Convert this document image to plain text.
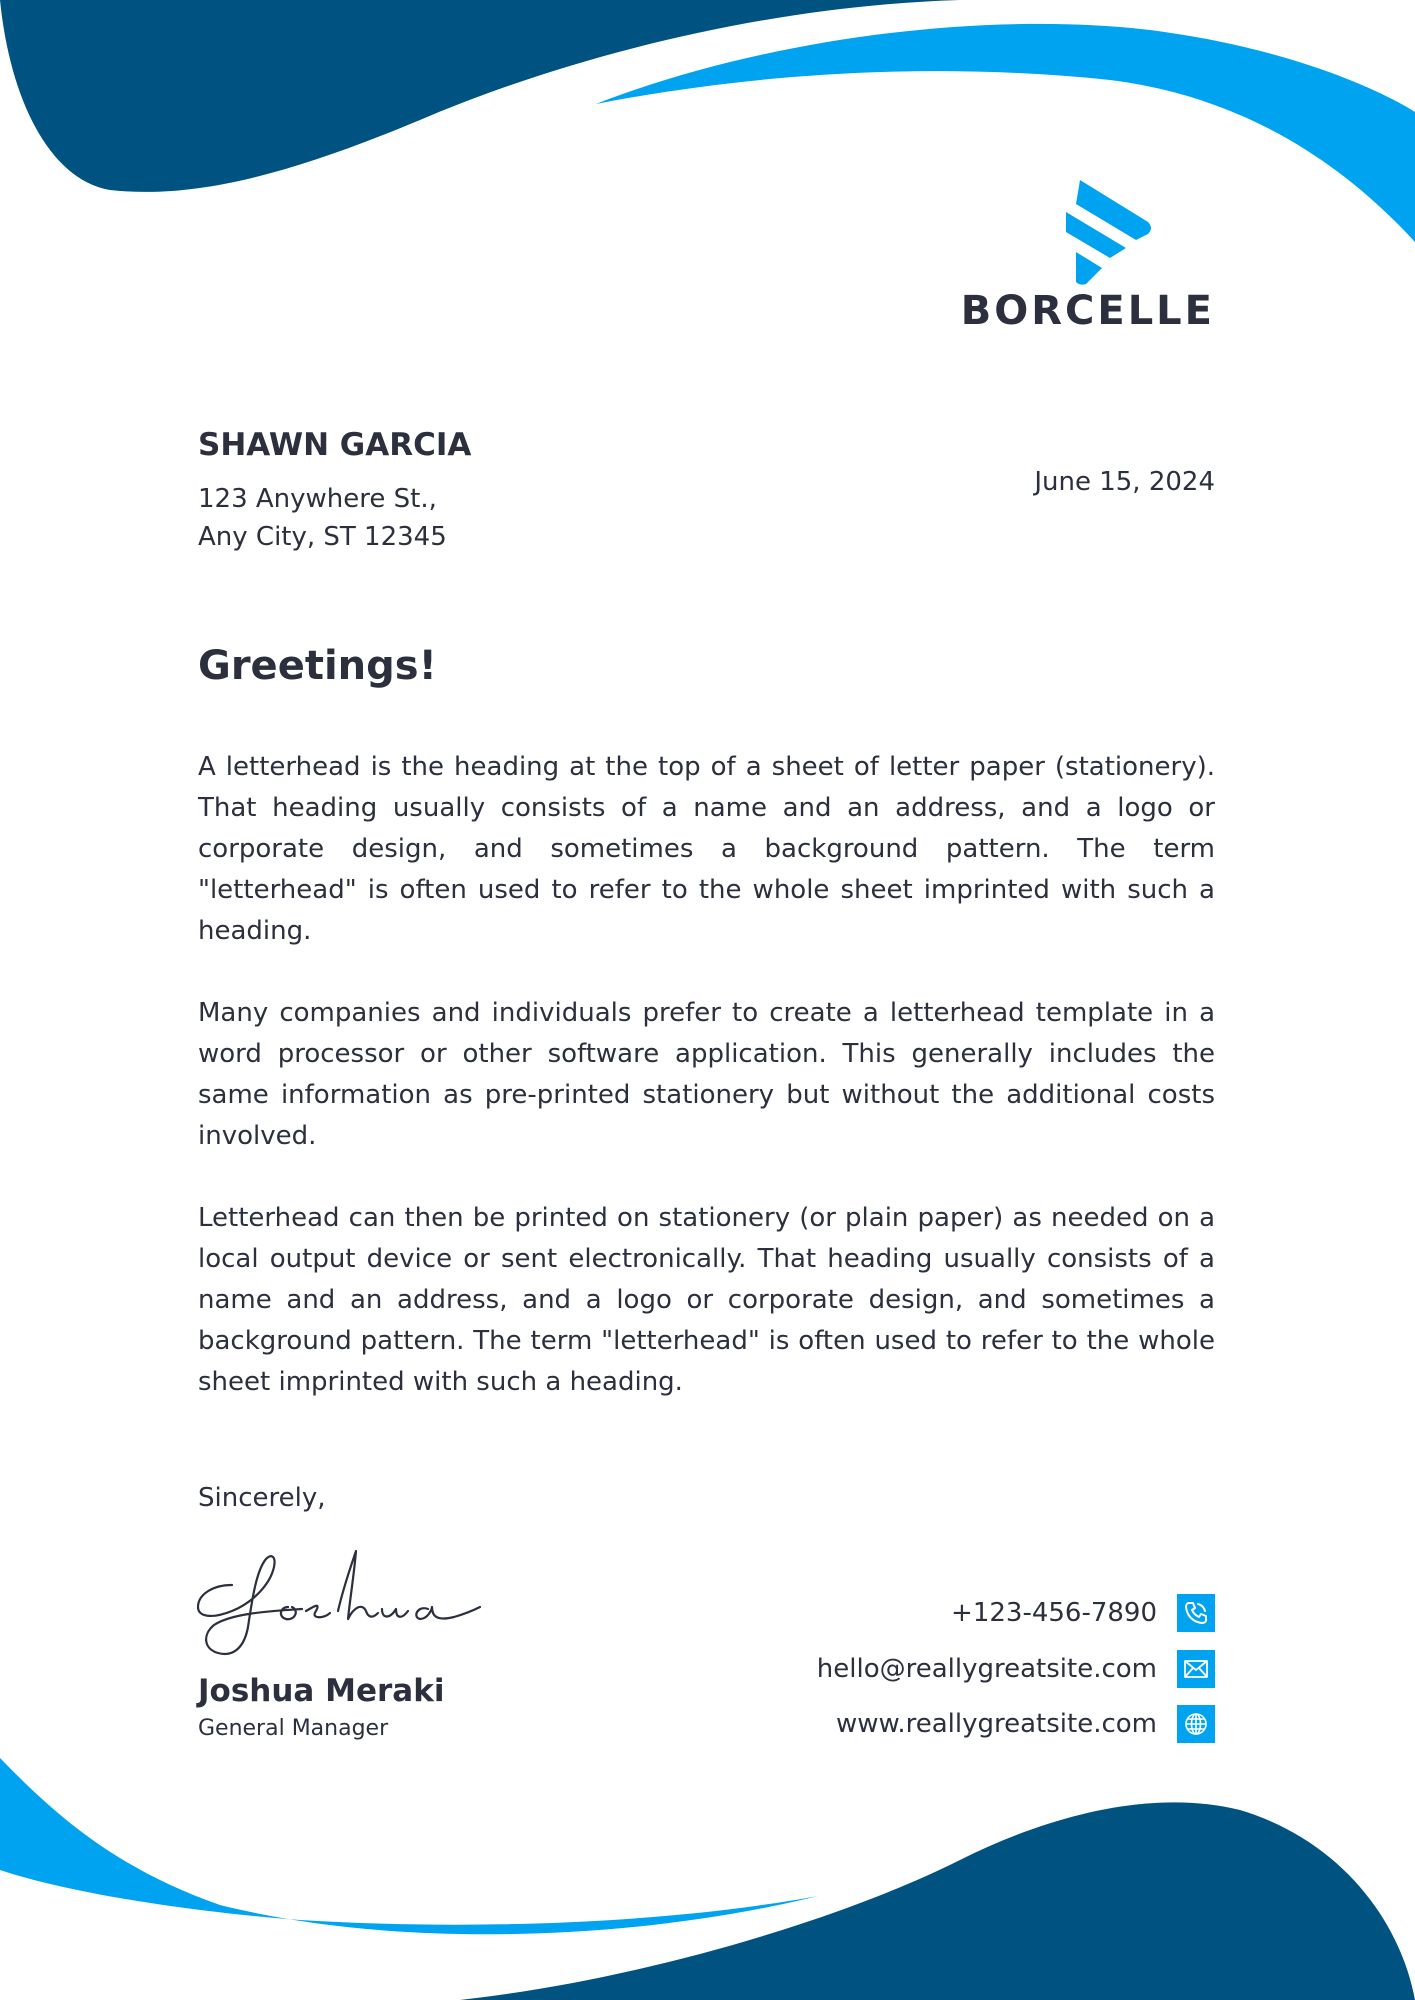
BORCELLE
SHAWN GARCIA
123 Anywhere St.,
Any City, ST 12345
June 15, 2024
Greetings!

A letterhead is the heading at the top of a sheet of letter paper (stationery). That heading usually consists of a name and an address, and a logo or corporate design, and sometimes a background pattern. The term "letterhead" is often used to refer to the whole sheet imprinted with such a heading.

Many companies and individuals prefer to create a letterhead template in a word processor or other software application. This generally includes the same information as pre-printed stationery but without the additional costs involved.

Letterhead can then be printed on stationery (or plain paper) as needed on a local output device or sent electronically. That heading usually consists of a name and an address, and a logo or corporate design, and sometimes a background pattern. The term "letterhead" is often used to refer to the whole sheet imprinted with such a heading.

Sincerely,
Joshua Meraki
General Manager
+123-456-7890
hello@reallygreatsite.com
www.reallygreatsite.com
